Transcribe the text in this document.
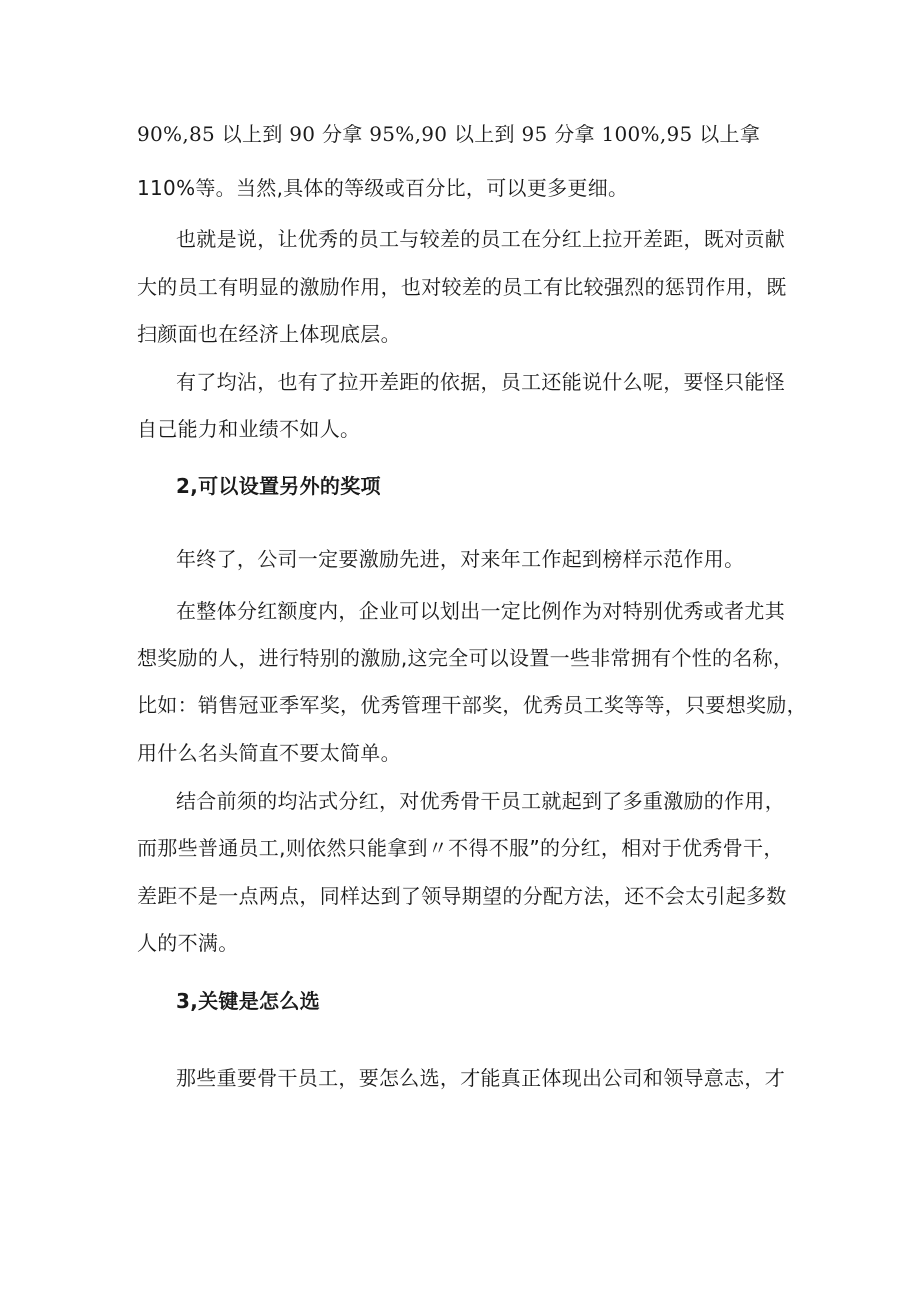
90%,85 以上到 90 分拿 95%,90 以上到 95 分拿 100%,95 以上拿
110%等。当然,具体的等级或百分比，可以更多更细。
也就是说，让优秀的员工与较差的员工在分红上拉开差距，既对贡献
大的员工有明显的激励作用，也对较差的员工有比较强烈的惩罚作用，既
扫颜面也在经济上体现底层。
有了均沾，也有了拉开差距的依据，员工还能说什么呢，要怪只能怪
自己能力和业绩不如人。
2,可以设置另外的奖项
年终了，公司一定要激励先进，对来年工作起到榜样示范作用。
在整体分红额度内，企业可以划出一定比例作为对特别优秀或者尤其
想奖励的人，进行特别的激励,这完全可以设置一些非常拥有个性的名称，
比如：销售冠亚季军奖，优秀管理干部奖，优秀员工奖等等，只要想奖励，
用什么名头简直不要太简单。
结合前须的均沾式分红，对优秀骨干员工就起到了多重激励的作用，
而那些普通员工,则依然只能拿到〃不得不服”的分红，相对于优秀骨干，
差距不是一点两点，同样达到了领导期望的分配方法，还不会太引起多数
人的不满。
3,关键是怎么选
那些重要骨干员工，要怎么选，才能真正体现出公司和领导意志，才
